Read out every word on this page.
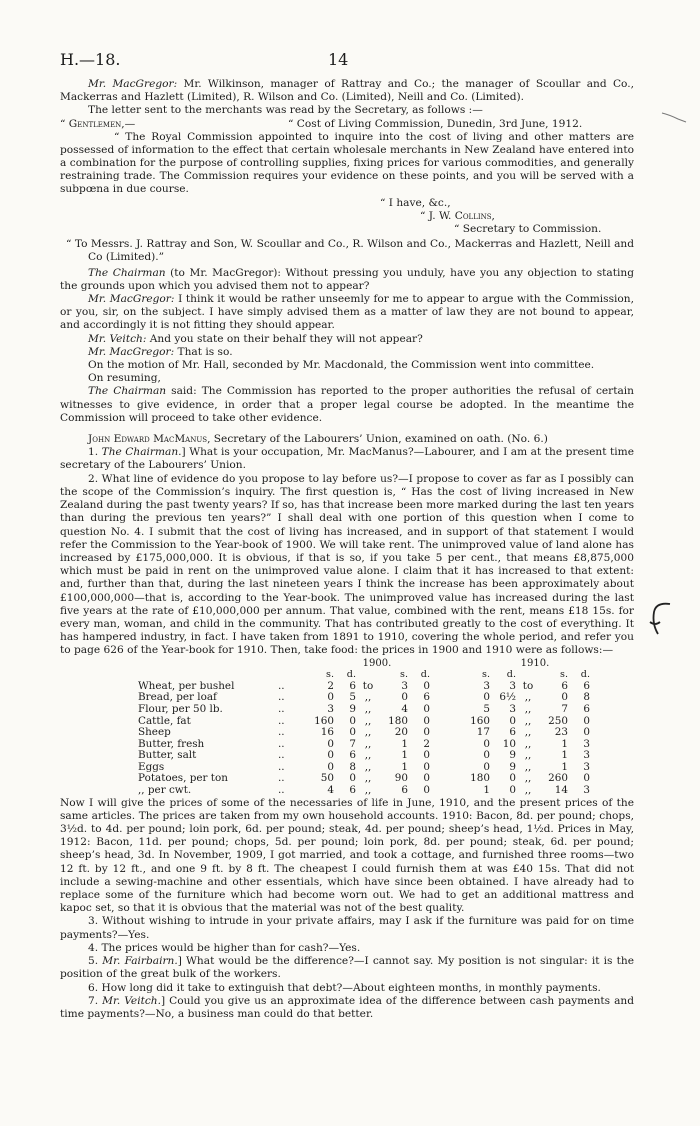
H.—18.	14

Mr. MacGregor: Mr. Wilkinson, manager of Rattray and Co.; the manager of Scoullar and Co., Mackerras and Hazlett (Limited), R. Wilson and Co. (Limited), Neill and Co. (Limited).

The letter sent to the merchants was read by the Secretary, as follows :—

“ Gentlemen,—	“ Cost of Living Commission, Dunedin, 3rd June, 1912.

“ The Royal Commission appointed to inquire into the cost of living and other matters are possessed of information to the effect that certain wholesale merchants in New Zealand have entered into a combination for the purpose of controlling supplies, fixing prices for various commodities, and generally restraining trade. The Commission requires your evidence on these points, and you will be served with a subpœna in due course.

“ I have, &c.,

“ J. W. Collins,

“ Secretary to Commission.

“ To Messrs. J. Rattray and Son, W. Scoullar and Co., R. Wilson and Co., Mackerras and Hazlett, Neill and Co (Limited).”

The Chairman (to Mr. MacGregor): Without pressing you unduly, have you any objection to stating the grounds upon which you advised them not to appear?

Mr. MacGregor: I think it would be rather unseemly for me to appear to argue with the Commission, or you, sir, on the subject. I have simply advised them as a matter of law they are not bound to appear, and accordingly it is not fitting they should appear.

Mr. Veitch: And you state on their behalf they will not appear?

Mr. MacGregor: That is so.

On the motion of Mr. Hall, seconded by Mr. Macdonald, the Commission went into committee.

On resuming,

The Chairman said: The Commission has reported to the proper authorities the refusal of certain witnesses to give evidence, in order that a proper legal course be adopted. In the meantime the Commission will proceed to take other evidence.

John Edward MacManus, Secretary of the Labourers’ Union, examined on oath. (No. 6.)

1. The Chairman.] What is your occupation, Mr. MacManus?—Labourer, and I am at the present time secretary of the Labourers’ Union.

2. What line of evidence do you propose to lay before us?—I propose to cover as far as I possibly can the scope of the Commission’s inquiry. The first question is, “ Has the cost of living increased in New Zealand during the past twenty years? If so, has that increase been more marked during the last ten years than during the previous ten years?” I shall deal with one portion of this question when I come to question No. 4. I submit that the cost of living has increased, and in support of that statement I would refer the Commission to the Year-book of 1900. We will take rent. The unimproved value of land alone has increased by £175,000,000. It is obvious, if that is so, if you take 5 per cent., that means £8,875,000 which must be paid in rent on the unimproved value alone. I claim that it has increased to that extent: and, further than that, during the last nineteen years I think the increase has been approximately about £100,000,000—that is, according to the Year-book. The unimproved value has increased during the last five years at the rate of £10,000,000 per annum. That value, combined with the rent, means £18 15s. for every man, woman, and child in the community. That has contributed greatly to the cost of everything. It has hampered industry, in fact. I have taken from 1891 to 1910, covering the whole period, and refer you to page 626 of the Year-book for 1910. Then, take food: the prices in 1900 and 1910 were as follows:—

		1900.						1910.				
		s.	d.		s.	d.		s.	d.		s.	d.
Wheat, per bushel	..	2	6	to	3	0		3	3	to	6	6
Bread, per loaf	..	0	5	,,	0	6		0	6½	,,	0	8
Flour, per 50 lb.	..	3	9	,,	4	0		5	3	,,	7	6
Cattle, fat	..	160	0	,,	180	0		160	0	,,	250	0
Sheep	..	16	0	,,	20	0		17	6	,,	23	0
Butter, fresh	..	0	7	,,	1	2		0	10	,,	1	3
Butter, salt	..	0	6	,,	1	0		0	9	,,	1	3
Eggs	..	0	8	,,	1	0		0	9	,,	1	3
Potatoes, per ton	..	50	0	,,	90	0		180	0	,,	260	0
,, per cwt.	..	4	6	,,	6	0		1	0	,,	14	3

Now I will give the prices of some of the necessaries of life in June, 1910, and the present prices of the same articles. The prices are taken from my own household accounts. 1910: Bacon, 8d. per pound; chops, 3½d. to 4d. per pound; loin pork, 6d. per pound; steak, 4d. per pound; sheep’s head, 1½d. Prices in May, 1912: Bacon, 11d. per pound; chops, 5d. per pound; loin pork, 8d. per pound; steak, 6d. per pound; sheep’s head, 3d. In November, 1909, I got married, and took a cottage, and furnished three rooms—two 12 ft. by 12 ft., and one 9 ft. by 8 ft. The cheapest I could furnish them at was £40 15s. That did not include a sewing-machine and other essentials, which have since been obtained. I have already had to replace some of the furniture which had become worn out. We had to get an additional mattress and kapoc set, so that it is obvious that the material was not of the best quality.

3. Without wishing to intrude in your private affairs, may I ask if the furniture was paid for on time payments?—Yes.

4. The prices would be higher than for cash?—Yes.

5. Mr. Fairbairn.] What would be the difference?—I cannot say. My position is not singular: it is the position of the great bulk of the workers.

6. How long did it take to extinguish that debt?—About eighteen months, in monthly payments.

7. Mr. Veitch.] Could you give us an approximate idea of the difference between cash payments and time payments?—No, a business man could do that better.
